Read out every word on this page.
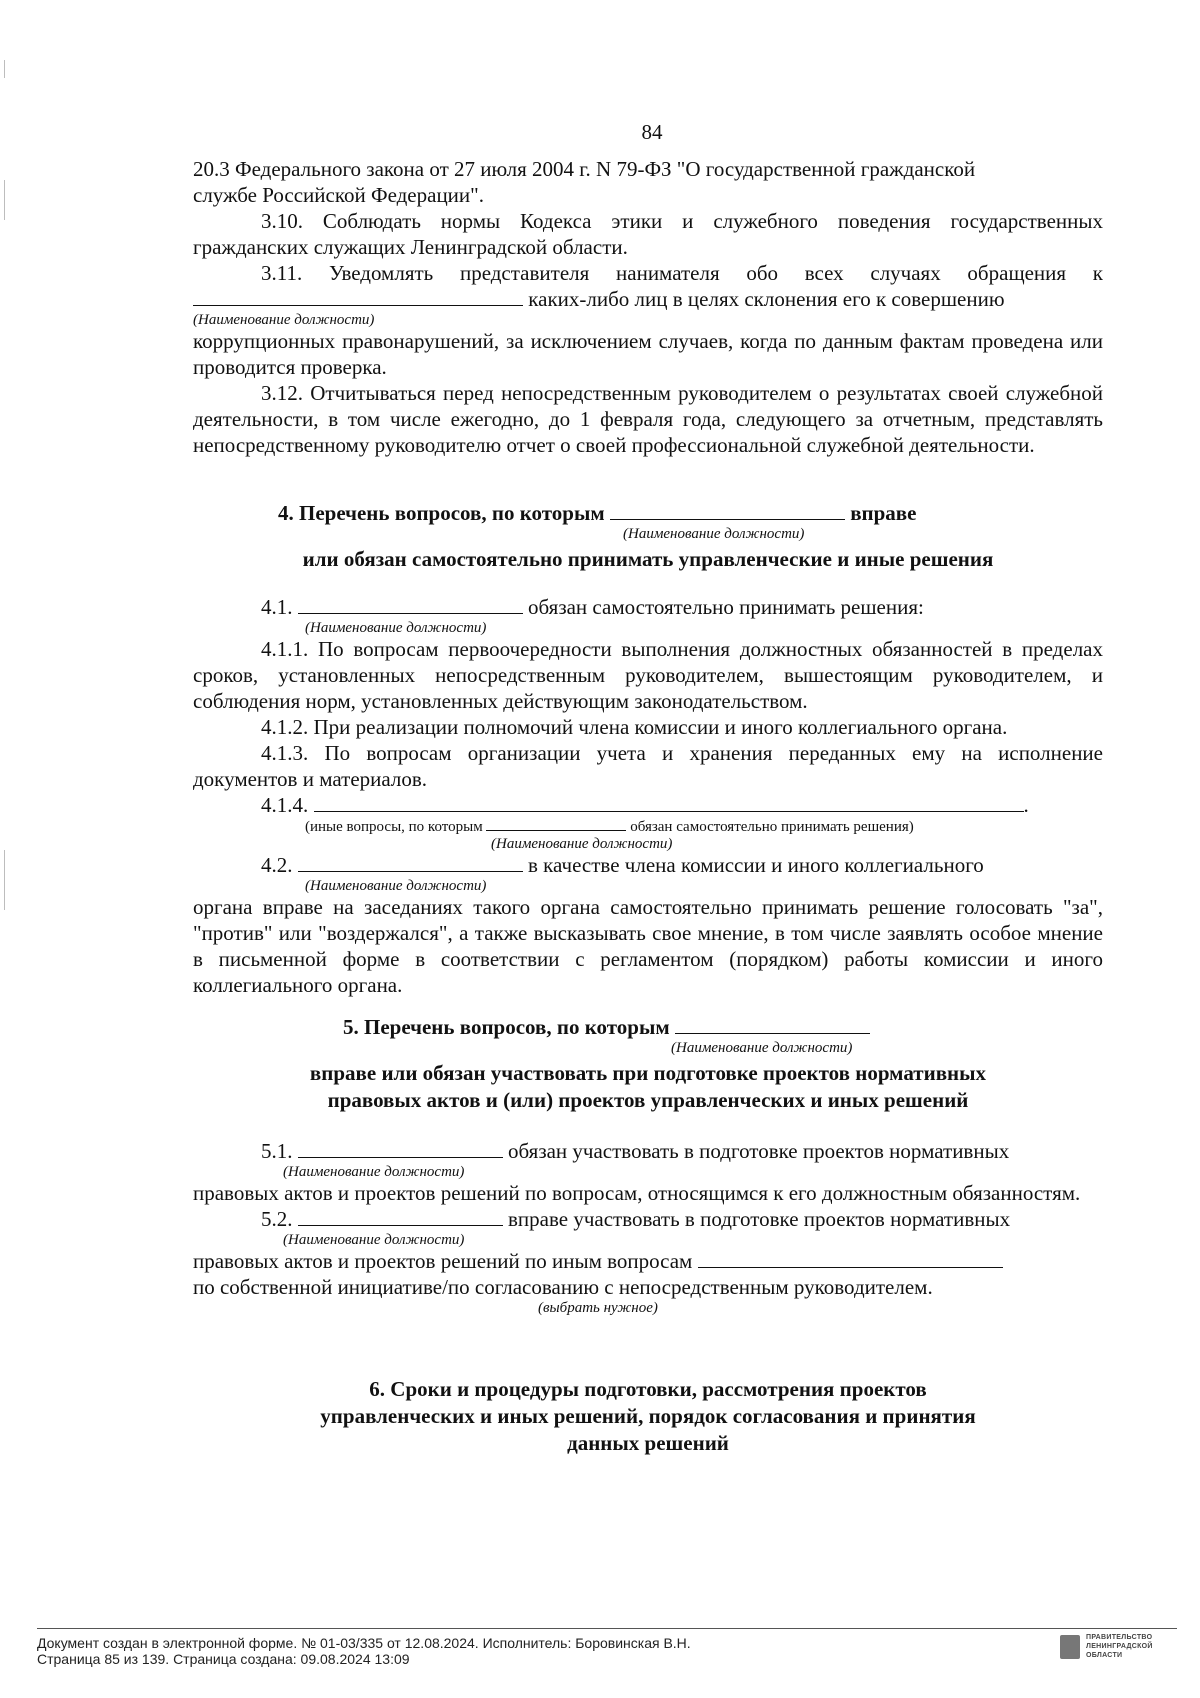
84
20.3 Федерального закона от 27 июля 2004 г. N 79-ФЗ "О государственной гражданской
службе Российской Федерации".

3.10. Соблюдать нормы Кодекса этики и служебного поведения государственных гражданских служащих Ленинградской области.

3.11. Уведомлять представителя нанимателя обо всех случаях обращения к
каких-либо лиц в целях склонения его к совершению
(Наименование должности)

коррупционных правонарушений, за исключением случаев, когда по данным фактам проведена или проводится проверка.

3.12. Отчитываться перед непосредственным руководителем о результатах своей служебной деятельности, в том числе ежегодно, до 1 февраля года, следующего за отчетным, представлять непосредственному руководителю отчет о своей профессиональной служебной деятельности.

4. Перечень вопросов, по которым	вправе
(Наименование должности)

или обязан самостоятельно принимать управленческие и иные решения

4.1.	обязан самостоятельно принимать решения:
(Наименование должности)

4.1.1. По вопросам первоочередности выполнения должностных обязанностей в пределах сроков, установленных непосредственным руководителем, вышестоящим руководителем, и соблюдения норм, установленных действующим законодательством.

4.1.2. При реализации полномочий члена комиссии и иного коллегиального органа.

4.1.3. По вопросам организации учета и хранения переданных ему на исполнение документов и материалов.

4.1.4.	.
(иные вопросы, по которым	обязан самостоятельно принимать решения)
(Наименование должности)
4.2.	в качестве члена комиссии и иного коллегиального
(Наименование должности)

органа вправе на заседаниях такого органа самостоятельно принимать решение голосовать "за", "против" или "воздержался", а также высказывать свое мнение, в том числе заявлять особое мнение в письменной форме в соответствии с регламентом (порядком) работы комиссии и иного коллегиального органа.

5. Перечень вопросов, по которым
(Наименование должности)

вправе или обязан участвовать при подготовке проектов нормативных

правовых актов и (или) проектов управленческих и иных решений

5.1.	обязан участвовать в подготовке проектов нормативных
(Наименование должности)

правовых актов и проектов решений по вопросам, относящимся к его должностным обязанностям.

5.2.	вправе участвовать в подготовке проектов нормативных
(Наименование должности)
правовых актов и проектов решений по иным вопросам
по собственной инициативе/по согласованию с непосредственным руководителем.
(выбрать нужное)

6. Сроки и процедуры подготовки, рассмотрения проектов

управленческих и иных решений, порядок согласования и принятия

данных решений

Документ создан в электронной форме. № 01-03/335 от 12.08.2024. Исполнитель: Боровинская В.Н.
Страница 85 из 139. Страница создана: 09.08.2024 13:09
ПРАВИТЕЛЬСТВО
ЛЕНИНГРАДСКОЙ
ОБЛАСТИ
